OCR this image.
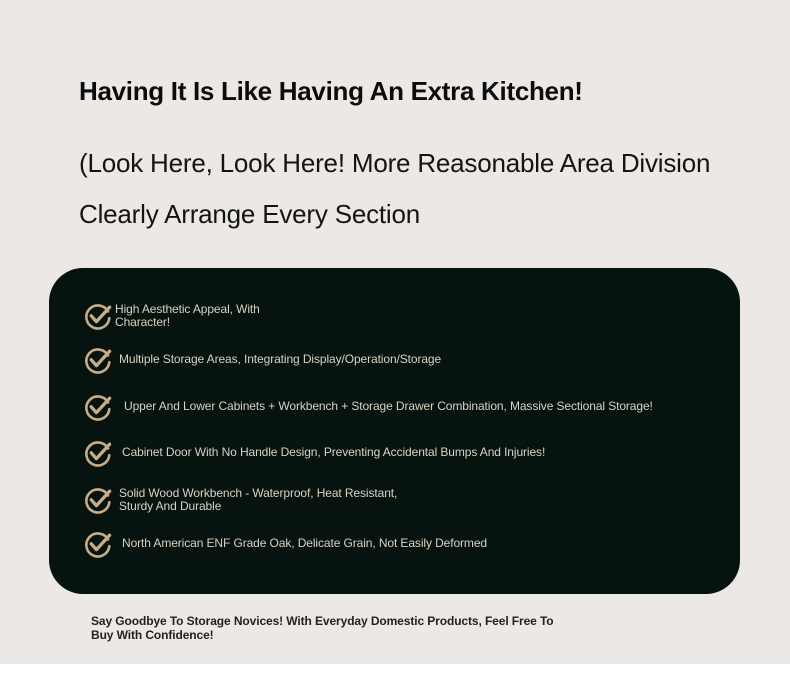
Having It Is Like Having An Extra Kitchen!

(Look Here, Look Here! More Reasonable Area Division Clearly Arrange Every Section

High Aesthetic Appeal, With Character!
Multiple Storage Areas, Integrating Display/Operation/Storage
Upper And Lower Cabinets + Workbench + Storage Drawer Combination, Massive Sectional Storage!
Cabinet Door With No Handle Design, Preventing Accidental Bumps And Injuries!
Solid Wood Workbench - Waterproof, Heat Resistant, Sturdy And Durable
North American ENF Grade Oak, Delicate Grain, Not Easily Deformed

Say Goodbye To Storage Novices! With Everyday Domestic Products, Feel Free To Buy With Confidence!
